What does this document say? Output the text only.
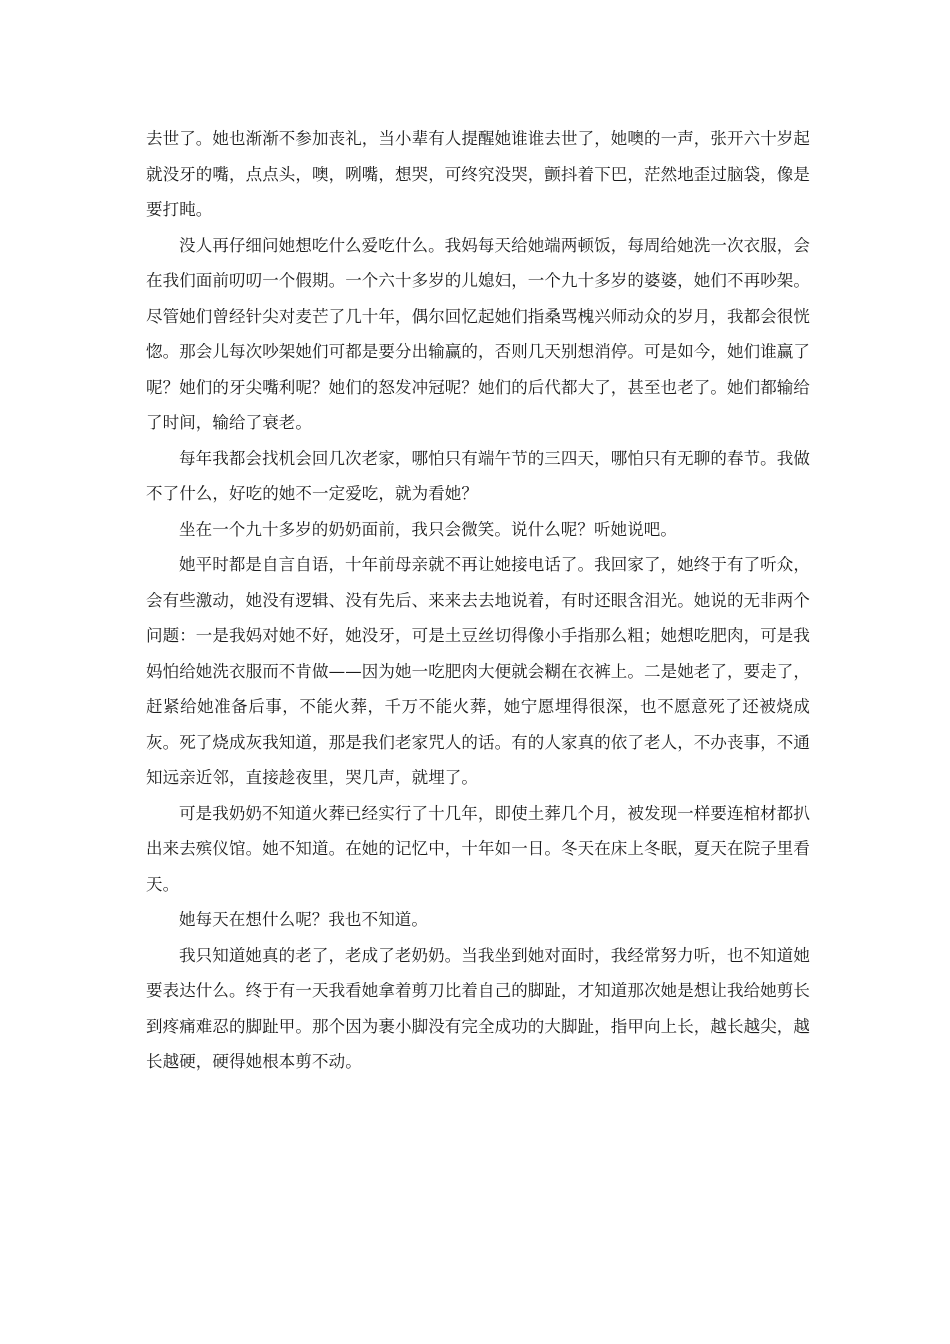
去世了。她也渐渐不参加丧礼，当小辈有人提醒她谁谁去世了，她噢的一声，张开六十岁起就没牙的嘴，点点头，噢，咧嘴，想哭，可终究没哭，颤抖着下巴，茫然地歪过脑袋，像是要打盹。

没人再仔细问她想吃什么爱吃什么。我妈每天给她端两顿饭，每周给她洗一次衣服，会在我们面前叨叨一个假期。一个六十多岁的儿媳妇，一个九十多岁的婆婆，她们不再吵架。尽管她们曾经针尖对麦芒了几十年，偶尔回忆起她们指桑骂槐兴师动众的岁月，我都会很恍惚。那会儿每次吵架她们可都是要分出输赢的，否则几天别想消停。可是如今，她们谁赢了呢？她们的牙尖嘴利呢？她们的怒发冲冠呢？她们的后代都大了，甚至也老了。她们都输给了时间，输给了衰老。

每年我都会找机会回几次老家，哪怕只有端午节的三四天，哪怕只有无聊的春节。我做不了什么，好吃的她不一定爱吃，就为看她？

坐在一个九十多岁的奶奶面前，我只会微笑。说什么呢？听她说吧。

她平时都是自言自语，十年前母亲就不再让她接电话了。我回家了，她终于有了听众，会有些激动，她没有逻辑、没有先后、来来去去地说着，有时还眼含泪光。她说的无非两个问题：一是我妈对她不好，她没牙，可是土豆丝切得像小手指那么粗；她想吃肥肉，可是我妈怕给她洗衣服而不肯做——因为她一吃肥肉大便就会糊在衣裤上。二是她老了，要走了，赶紧给她准备后事，不能火葬，千万不能火葬，她宁愿埋得很深，也不愿意死了还被烧成灰。死了烧成灰我知道，那是我们老家咒人的话。有的人家真的依了老人，不办丧事，不通知远亲近邻，直接趁夜里，哭几声，就埋了。

可是我奶奶不知道火葬已经实行了十几年，即使土葬几个月，被发现一样要连棺材都扒出来去殡仪馆。她不知道。在她的记忆中，十年如一日。冬天在床上冬眠，夏天在院子里看天。

她每天在想什么呢？我也不知道。

我只知道她真的老了，老成了老奶奶。当我坐到她对面时，我经常努力听，也不知道她要表达什么。终于有一天我看她拿着剪刀比着自己的脚趾，才知道那次她是想让我给她剪长到疼痛难忍的脚趾甲。那个因为裹小脚没有完全成功的大脚趾，指甲向上长，越长越尖，越长越硬，硬得她根本剪不动。
